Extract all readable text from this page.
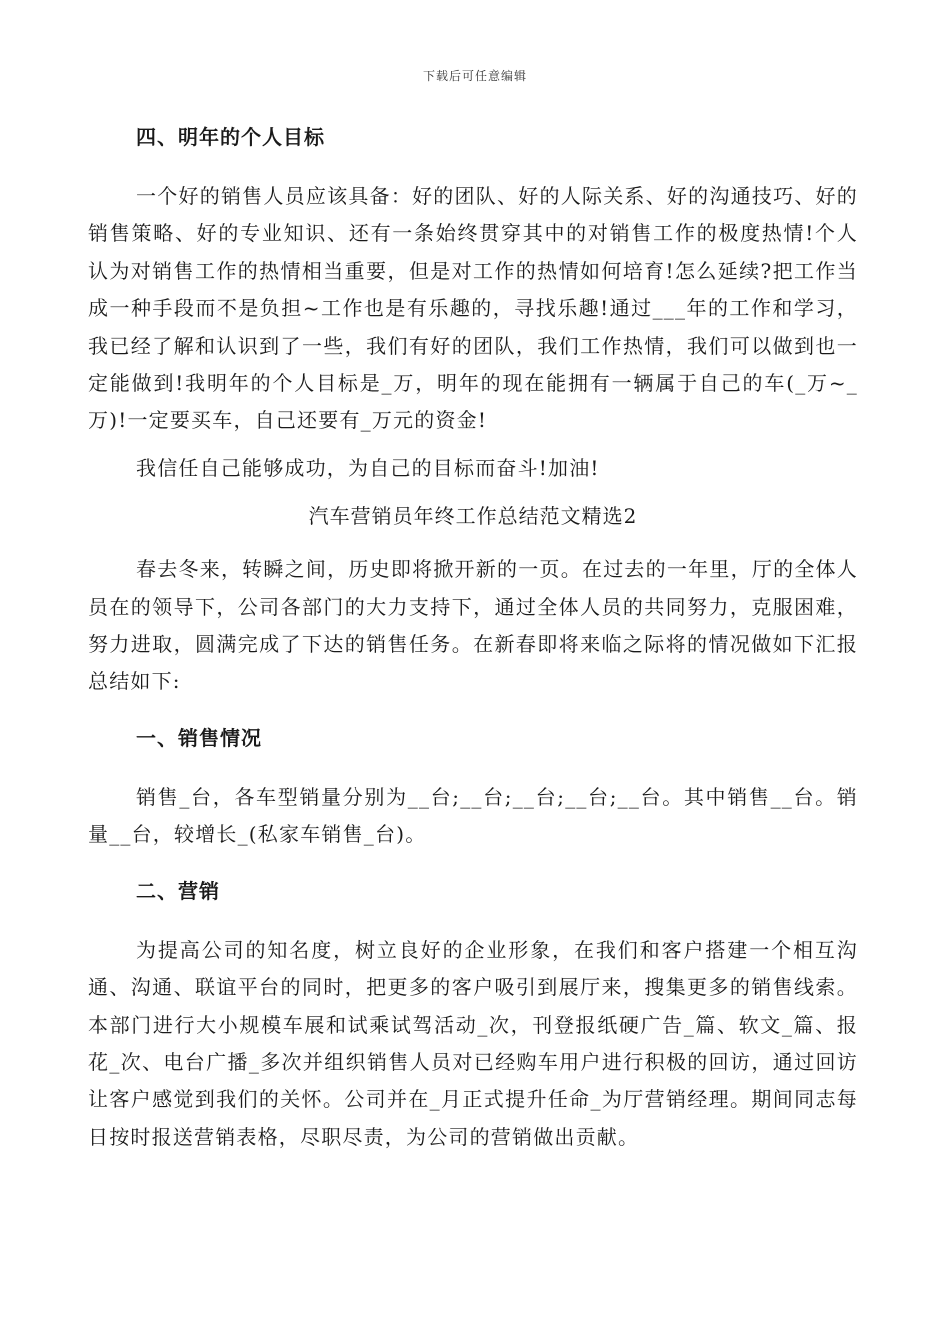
下载后可任意编辑
四、明年的个人目标

一个好的销售人员应该具备：好的团队、好的人际关系、好的沟通技巧、好的销售策略、好的专业知识、还有一条始终贯穿其中的对销售工作的极度热情!个人认为对销售工作的热情相当重要，但是对工作的热情如何培育!怎么延续?把工作当成一种手段而不是负担~工作也是有乐趣的，寻找乐趣!通过___年的工作和学习，我已经了解和认识到了一些，我们有好的团队，我们工作热情，我们可以做到也一定能做到!我明年的个人目标是_万，明年的现在能拥有一辆属于自己的车(_万~_万)!一定要买车，自己还要有_万元的资金!

我信任自己能够成功，为自己的目标而奋斗!加油!

汽车营销员年终工作总结范文精选2

春去冬来，转瞬之间，历史即将掀开新的一页。在过去的一年里，厅的全体人员在的领导下，公司各部门的大力支持下，通过全体人员的共同努力，克服困难，努力进取，圆满完成了下达的销售任务。在新春即将来临之际将的情况做如下汇报总结如下:

一、销售情况

销售_台，各车型销量分别为__台;__台;__台;__台;__台。其中销售__台。销量__台，较增长_(私家车销售_台)。

二、营销

为提高公司的知名度，树立良好的企业形象，在我们和客户搭建一个相互沟通、沟通、联谊平台的同时，把更多的客户吸引到展厅来，搜集更多的销售线索。本部门进行大小规模车展和试乘试驾活动_次，刊登报纸硬广告_篇、软文_篇、报花_次、电台广播_多次并组织销售人员对已经购车用户进行积极的回访，通过回访让客户感觉到我们的关怀。公司并在_月正式提升任命_为厅营销经理。期间同志每日按时报送营销表格，尽职尽责，为公司的营销做出贡献。
